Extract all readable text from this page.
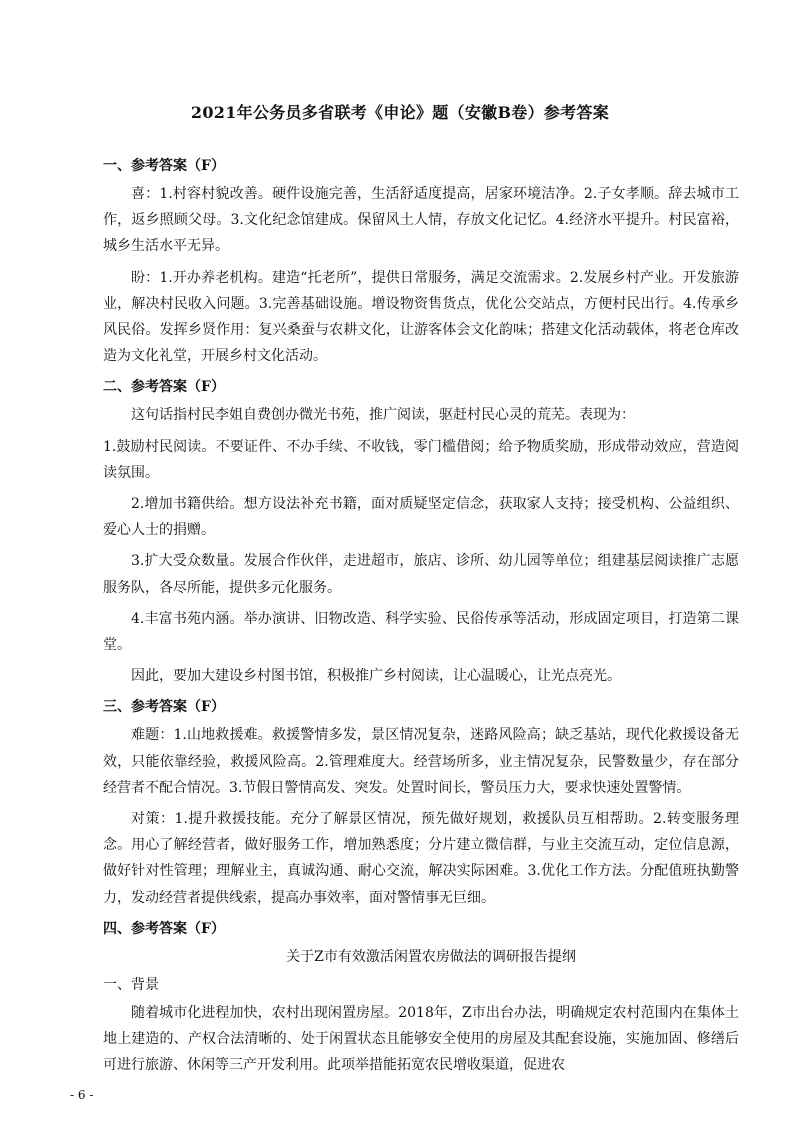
2021年公务员多省联考《申论》题（安徽B卷）参考答案
一、参考答案（F）

喜：1.村容村貌改善。硬件设施完善，生活舒适度提高，居家环境洁净。2.子女孝顺。辞去城市工作，返乡照顾父母。3.文化纪念馆建成。保留风土人情，存放文化记忆。4.经济水平提升。村民富裕，城乡生活水平无异。

盼：1.开办养老机构。建造“托老所”，提供日常服务，满足交流需求。2.发展乡村产业。开发旅游业，解决村民收入问题。3.完善基础设施。增设物资售货点，优化公交站点，方便村民出行。4.传承乡风民俗。发挥乡贤作用：复兴桑蚕与农耕文化，让游客体会文化韵味；搭建文化活动载体，将老仓库改造为文化礼堂，开展乡村文化活动。

二、参考答案（F）

这句话指村民李姐自费创办微光书苑，推广阅读，驱赶村民心灵的荒芜。表现为：

1.鼓励村民阅读。不要证件、不办手续、不收钱，零门槛借阅；给予物质奖励，形成带动效应，营造阅读氛围。

2.增加书籍供给。想方设法补充书籍，面对质疑坚定信念，获取家人支持；接受机构、公益组织、爱心人士的捐赠。

3.扩大受众数量。发展合作伙伴，走进超市，旅店、诊所、幼儿园等单位；组建基层阅读推广志愿服务队，各尽所能，提供多元化服务。

4.丰富书苑内涵。举办演讲、旧物改造、科学实验、民俗传承等活动，形成固定项目，打造第二课堂。

因此，要加大建设乡村图书馆，积极推广乡村阅读，让心温暖心，让光点亮光。

三、参考答案（F）

难题：1.山地救援难。救援警情多发，景区情况复杂，迷路风险高；缺乏基站，现代化救援设备无效，只能依靠经验，救援风险高。2.管理难度大。经营场所多，业主情况复杂，民警数量少，存在部分经营者不配合情况。3.节假日警情高发、突发。处置时间长，警员压力大，要求快速处置警情。

对策：1.提升救援技能。充分了解景区情况，预先做好规划，救援队员互相帮助。2.转变服务理念。用心了解经营者，做好服务工作，增加熟悉度；分片建立微信群，与业主交流互动，定位信息源，做好针对性管理；理解业主，真诚沟通、耐心交流，解决实际困难。3.优化工作方法。分配值班执勤警力，发动经营者提供线索，提高办事效率，面对警情事无巨细。

四、参考答案（F）
关于Z市有效激活闲置农房做法的调研报告提纲
一、背景

随着城市化进程加快，农村出现闲置房屋。2018年，Z市出台办法，明确规定农村范围内在集体土地上建造的、产权合法清晰的、处于闲置状态且能够安全使用的房屋及其配套设施，实施加固、修缮后可进行旅游、休闲等三产开发利用。此项举措能拓宽农民增收渠道，促进农

- 6 -
